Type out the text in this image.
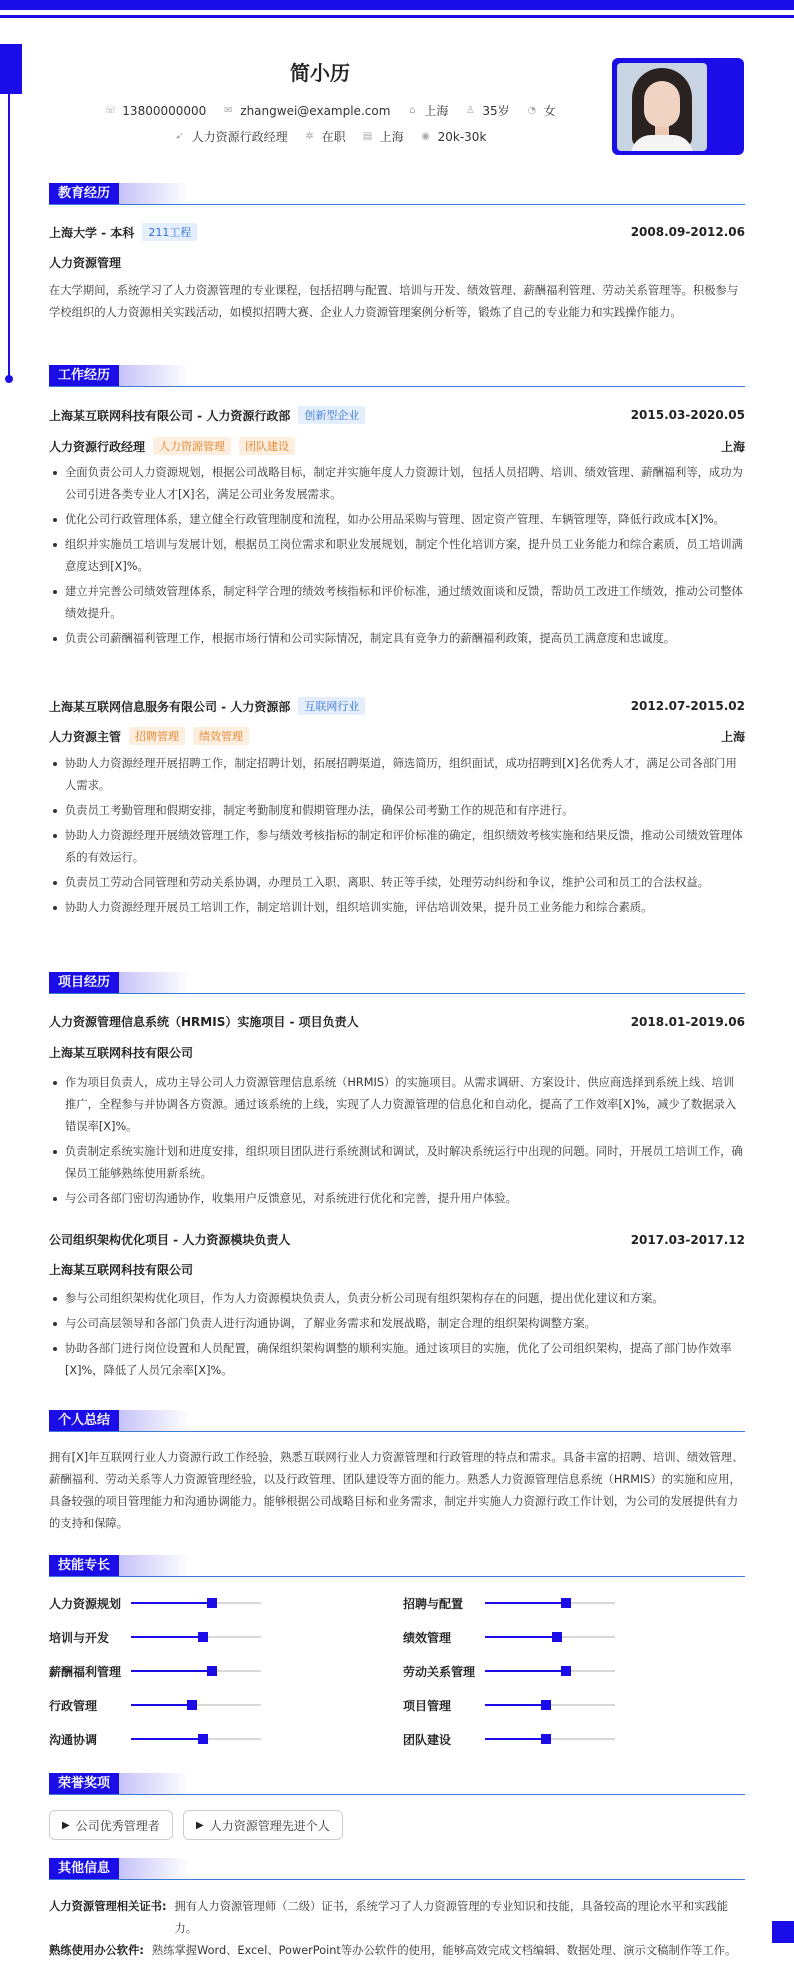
简小历
☏ 13800000000 ✉ zhangwei@example.com ⌂ 上海 ♙ 35岁 ◔ 女
➹ 人力资源行政经理 ✲ 在职 ▤ 上海 ◉ 20k-30k
教育经历
上海大学 - 本科	211工程	2008.09-2012.06
人力资源管理
在大学期间，系统学习了人力资源管理的专业课程，包括招聘与配置、培训与开发、绩效管理、薪酬福利管理、劳动关系管理等。积极参与学校组织的人力资源相关实践活动，如模拟招聘大赛、企业人力资源管理案例分析等，锻炼了自己的专业能力和实践操作能力。
工作经历
上海某互联网科技有限公司 - 人力资源行政部	创新型企业	2015.03-2020.05
人力资源行政经理	人力资源管理	团队建设	上海
全面负责公司人力资源规划，根据公司战略目标，制定并实施年度人力资源计划，包括人员招聘、培训、绩效管理、薪酬福利等，成功为公司引进各类专业人才[X]名，满足公司业务发展需求。
优化公司行政管理体系，建立健全行政管理制度和流程，如办公用品采购与管理、固定资产管理、车辆管理等，降低行政成本[X]%。
组织并实施员工培训与发展计划，根据员工岗位需求和职业发展规划，制定个性化培训方案，提升员工业务能力和综合素质，员工培训满意度达到[X]%。
建立并完善公司绩效管理体系，制定科学合理的绩效考核指标和评价标准，通过绩效面谈和反馈，帮助员工改进工作绩效，推动公司整体绩效提升。
负责公司薪酬福利管理工作，根据市场行情和公司实际情况，制定具有竞争力的薪酬福利政策，提高员工满意度和忠诚度。
上海某互联网信息服务有限公司 - 人力资源部	互联网行业	2012.07-2015.02
人力资源主管	招聘管理	绩效管理	上海
协助人力资源经理开展招聘工作，制定招聘计划，拓展招聘渠道，筛选简历，组织面试，成功招聘到[X]名优秀人才，满足公司各部门用人需求。
负责员工考勤管理和假期安排，制定考勤制度和假期管理办法，确保公司考勤工作的规范和有序进行。
协助人力资源经理开展绩效管理工作，参与绩效考核指标的制定和评价标准的确定，组织绩效考核实施和结果反馈，推动公司绩效管理体系的有效运行。
负责员工劳动合同管理和劳动关系协调，办理员工入职、离职、转正等手续，处理劳动纠纷和争议，维护公司和员工的合法权益。
协助人力资源经理开展员工培训工作，制定培训计划，组织培训实施，评估培训效果，提升员工业务能力和综合素质。
项目经历
人力资源管理信息系统（HRMIS）实施项目 - 项目负责人	2018.01-2019.06
上海某互联网科技有限公司
作为项目负责人，成功主导公司人力资源管理信息系统（HRMIS）的实施项目。从需求调研、方案设计、供应商选择到系统上线、培训推广，全程参与并协调各方资源。通过该系统的上线，实现了人力资源管理的信息化和自动化，提高了工作效率[X]%，减少了数据录入错误率[X]%。
负责制定系统实施计划和进度安排，组织项目团队进行系统测试和调试，及时解决系统运行中出现的问题。同时，开展员工培训工作，确保员工能够熟练使用新系统。
与公司各部门密切沟通协作，收集用户反馈意见，对系统进行优化和完善，提升用户体验。
公司组织架构优化项目 - 人力资源模块负责人	2017.03-2017.12
上海某互联网科技有限公司
参与公司组织架构优化项目，作为人力资源模块负责人，负责分析公司现有组织架构存在的问题，提出优化建议和方案。
与公司高层领导和各部门负责人进行沟通协调，了解业务需求和发展战略，制定合理的组织架构调整方案。
协助各部门进行岗位设置和人员配置，确保组织架构调整的顺利实施。通过该项目的实施，优化了公司组织架构，提高了部门协作效率[X]%，降低了人员冗余率[X]%。
个人总结
拥有[X]年互联网行业人力资源行政工作经验，熟悉互联网行业人力资源管理和行政管理的特点和需求。具备丰富的招聘、培训、绩效管理、薪酬福利、劳动关系等人力资源管理经验，以及行政管理、团队建设等方面的能力。熟悉人力资源管理信息系统（HRMIS）的实施和应用，具备较强的项目管理能力和沟通协调能力。能够根据公司战略目标和业务需求，制定并实施人力资源行政工作计划，为公司的发展提供有力的支持和保障。
技能专长
人力资源规划	招聘与配置
培训与开发	绩效管理
薪酬福利管理	劳动关系管理
行政管理	项目管理
沟通协调	团队建设
荣誉奖项
▶ 公司优秀管理者	▶ 人力资源管理先进个人
其他信息
人力资源管理相关证书: 拥有人力资源管理师（二级）证书，系统学习了人力资源管理的专业知识和技能，具备较高的理论水平和实践能力。
熟练使用办公软件: 熟练掌握Word、Excel、PowerPoint等办公软件的使用，能够高效完成文档编辑、数据处理、演示文稿制作等工作。
